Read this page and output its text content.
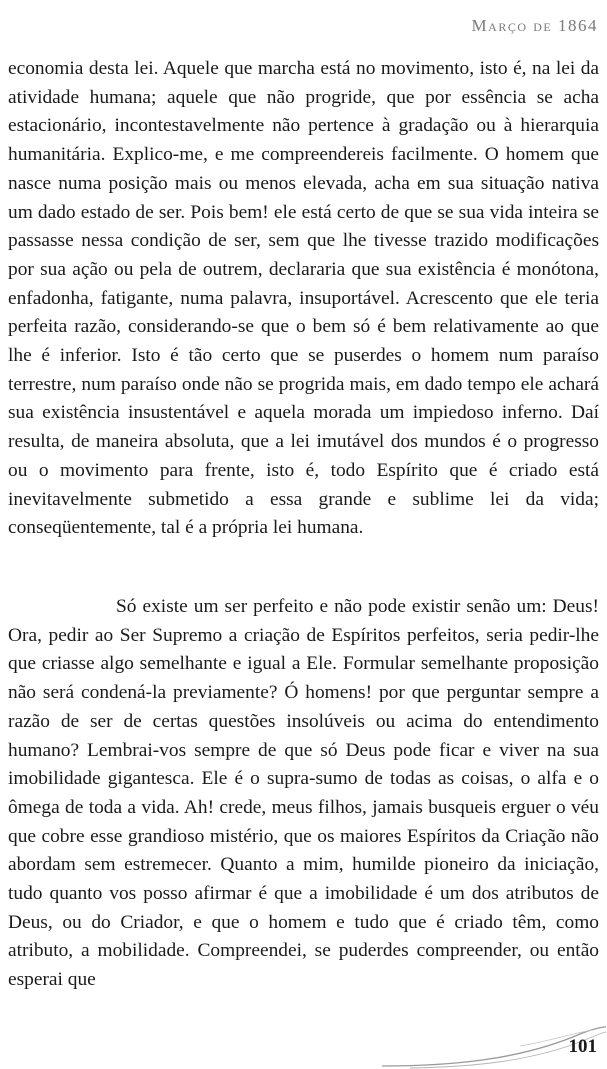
Março de 1864

economia desta lei. Aquele que marcha está no movimento, isto é, na lei da atividade humana; aquele que não progride, que por essência se acha estacionário, incontestavelmente não pertence à gradação ou à hierarquia humanitária. Explico-me, e me compreendereis facilmente. O homem que nasce numa posição mais ou menos elevada, acha em sua situação nativa um dado estado de ser. Pois bem! ele está certo de que se sua vida inteira se passasse nessa condição de ser, sem que lhe tivesse trazido modificações por sua ação ou pela de outrem, declararia que sua existência é monótona, enfadonha, fatigante, numa palavra, insuportável. Acrescento que ele teria perfeita razão, considerando-se que o bem só é bem relativamente ao que lhe é inferior. Isto é tão certo que se puserdes o homem num paraíso terrestre, num paraíso onde não se progrida mais, em dado tempo ele achará sua existência insustentável e aquela morada um impiedoso inferno. Daí resulta, de maneira absoluta, que a lei imutável dos mundos é o progresso ou o movimento para frente, isto é, todo Espírito que é criado está inevitavelmente submetido a essa grande e sublime lei da vida; conseqüentemente, tal é a própria lei humana.

Só existe um ser perfeito e não pode existir senão um: Deus! Ora, pedir ao Ser Supremo a criação de Espíritos perfeitos, seria pedir-lhe que criasse algo semelhante e igual a Ele. Formular semelhante proposição não será condená-la previamente? Ó homens! por que perguntar sempre a razão de ser de certas questões insolúveis ou acima do entendimento humano? Lembrai-vos sempre de que só Deus pode ficar e viver na sua imobilidade gigantesca. Ele é o supra-sumo de todas as coisas, o alfa e o ômega de toda a vida. Ah! crede, meus filhos, jamais busqueis erguer o véu que cobre esse grandioso mistério, que os maiores Espíritos da Criação não abordam sem estremecer. Quanto a mim, humilde pioneiro da iniciação, tudo quanto vos posso afirmar é que a imobilidade é um dos atributos de Deus, ou do Criador, e que o homem e tudo que é criado têm, como atributo, a mobilidade. Compreendei, se puderdes compreender, ou então esperai que

101
